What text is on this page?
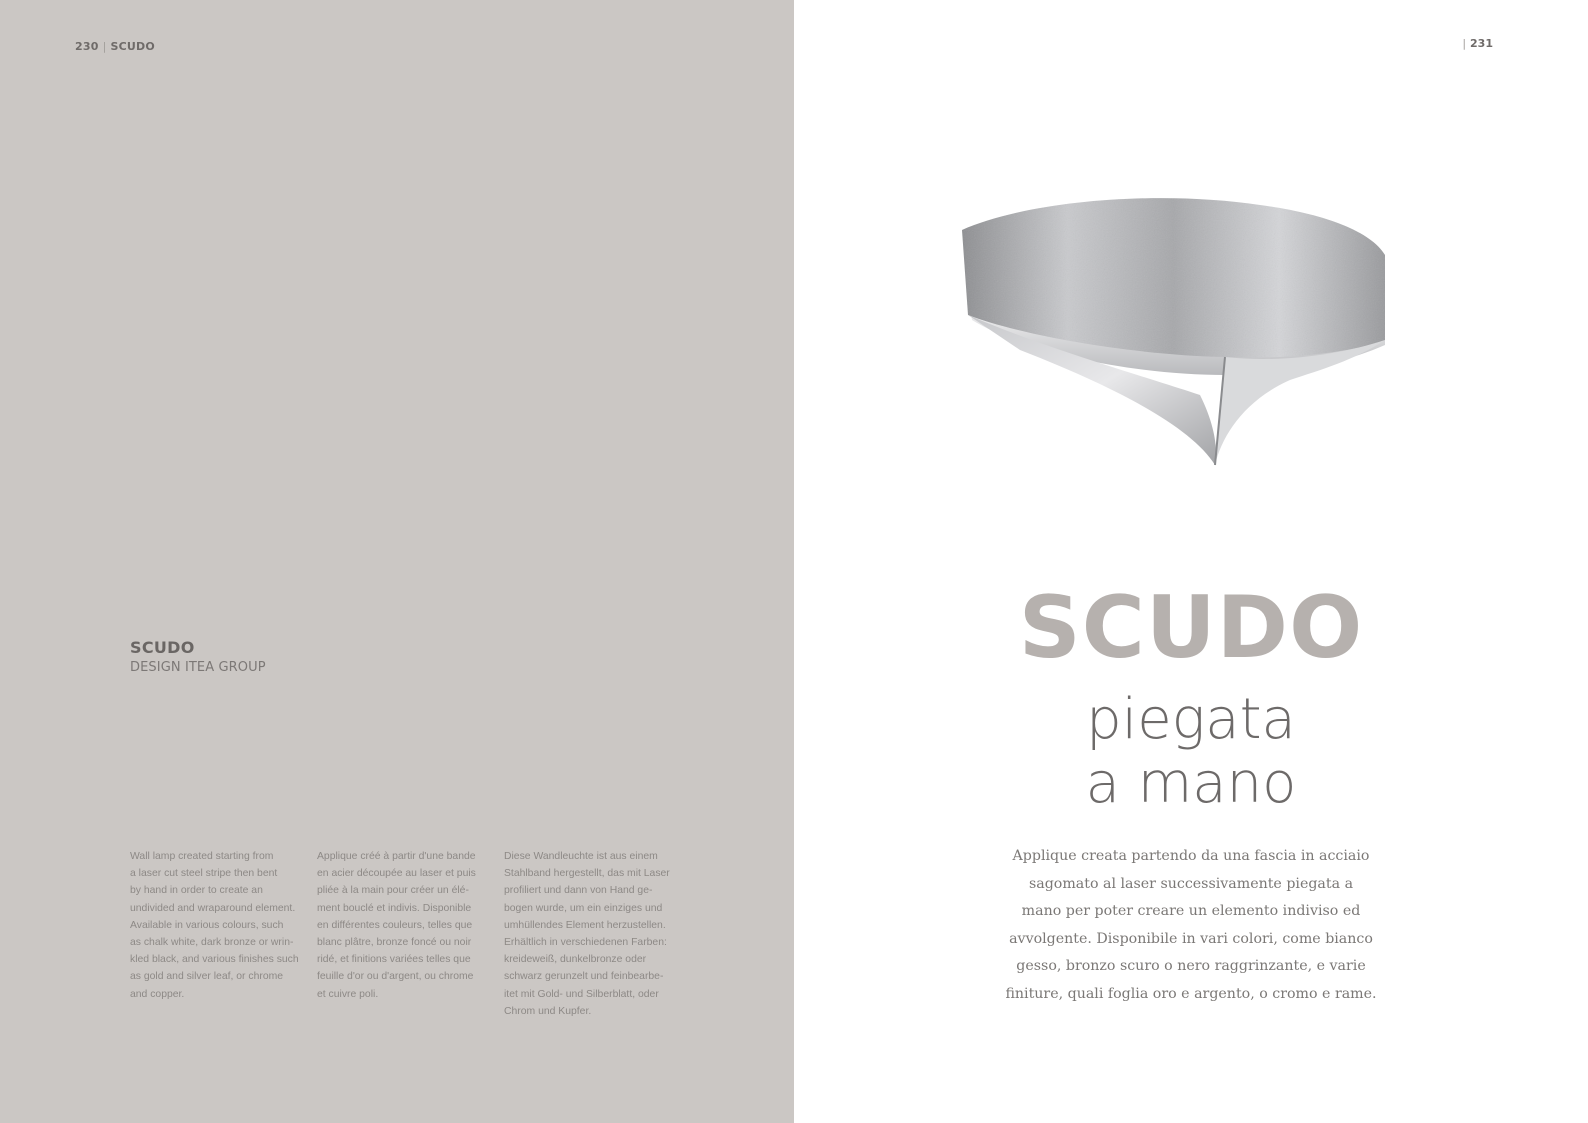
230 | SCUDO
SCUDO
DESIGN ITEA GROUP
Wall lamp created starting from
a laser cut steel stripe then bent
by hand in order to create an
undivided and wraparound element.
Available in various colours, such
as chalk white, dark bronze or wrin-
kled black, and various finishes such
as gold and silver leaf, or chrome
and copper.
Applique créé à partir d'une bande
en acier découpée au laser et puis
pliée à la main pour créer un élé-
ment bouclé et indivis. Disponible
en différentes couleurs, telles que
blanc plâtre, bronze foncé ou noir
ridé, et finitions variées telles que
feuille d'or ou d'argent, ou chrome
et cuivre poli.
Diese Wandleuchte ist aus einem
Stahlband hergestellt, das mit Laser
profiliert und dann von Hand ge-
bogen wurde, um ein einziges und
umhüllendes Element herzustellen.
Erhältlich in verschiedenen Farben:
kreideweiß, dunkelbronze oder
schwarz gerunzelt und feinbearbe-
itet mit Gold- und Silberblatt, oder
Chrom und Kupfer.
| 231
SCUDO
piegata
a mano
Applique creata partendo da una fascia in acciaio
sagomato al laser successivamente piegata a
mano per poter creare un elemento indiviso ed
avvolgente. Disponibile in vari colori, come bianco
gesso, bronzo scuro o nero raggrinzante, e varie
finiture, quali foglia oro e argento, o cromo e rame.
